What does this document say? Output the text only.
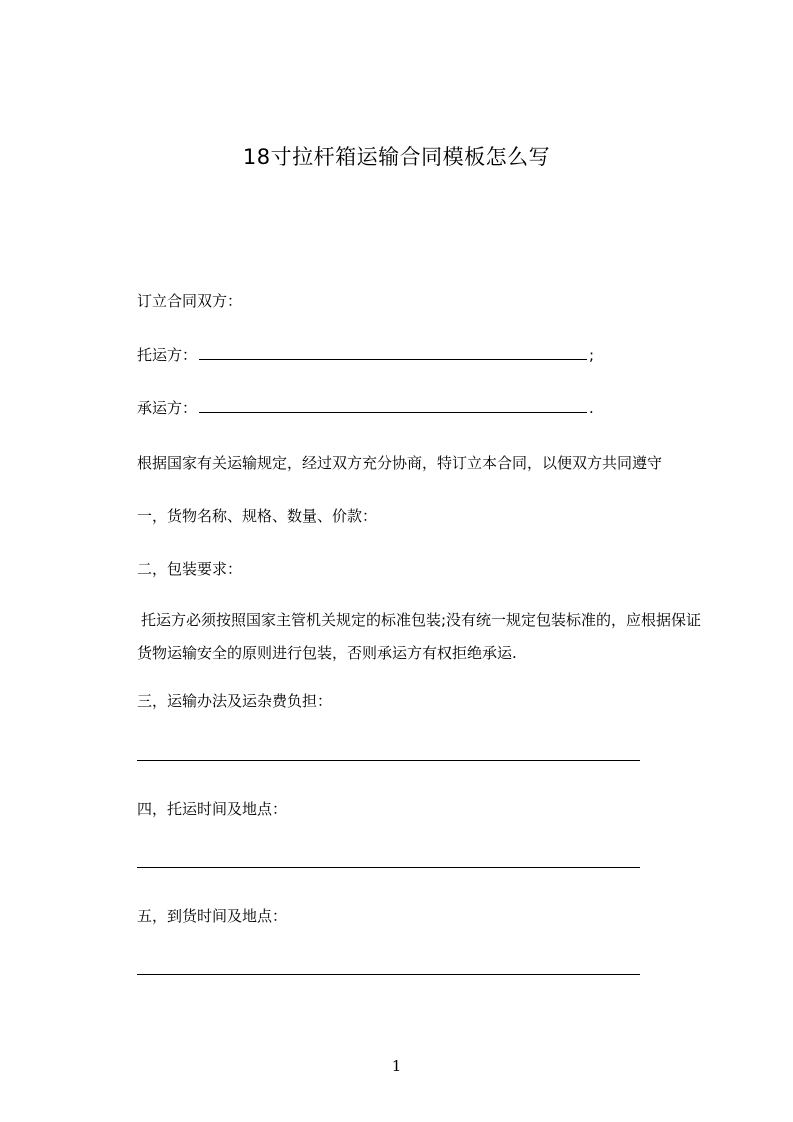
18寸拉杆箱运输合同模板怎么写
订立合同双方：
托运方：	;
承运方：	.
根据国家有关运输规定，经过双方充分协商，特订立本合同，以便双方共同遵守
一，货物名称、规格、数量、价款：
二，包装要求：
托运方必须按照国家主管机关规定的标准包装;没有统一规定包装标准的，应根据保证货物运输安全的原则进行包装，否则承运方有权拒绝承运.
三，运输办法及运杂费负担：
四，托运时间及地点：
五，到货时间及地点：
1
